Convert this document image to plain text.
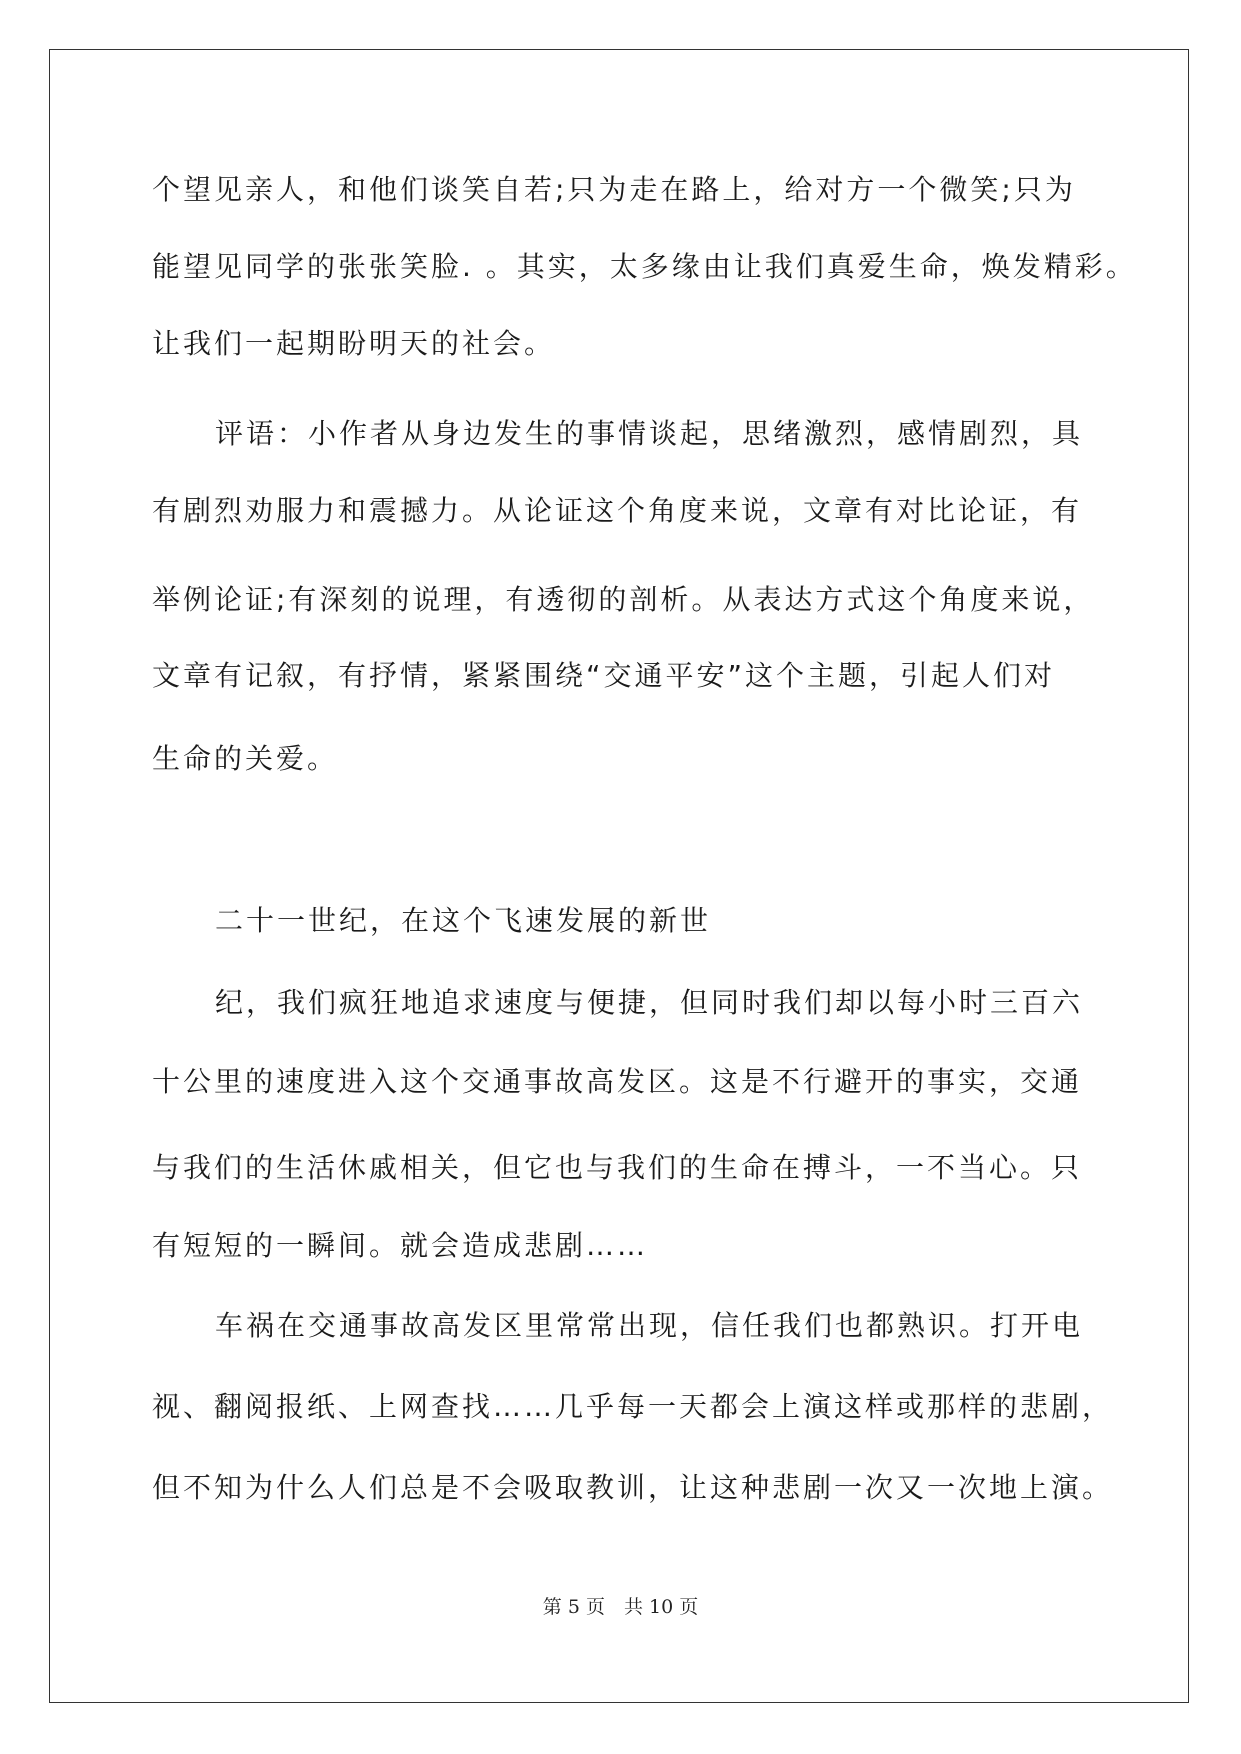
个望见亲人，和他们谈笑自若;只为走在路上，给对方一个微笑;只为
能望见同学的张张笑脸. 。其实，太多缘由让我们真爱生命，焕发精彩。
让我们一起期盼明天的社会。
评语：小作者从身边发生的事情谈起，思绪激烈，感情剧烈，具
有剧烈劝服力和震撼力。从论证这个角度来说，文章有对比论证，有
举例论证;有深刻的说理，有透彻的剖析。从表达方式这个角度来说，
文章有记叙，有抒情，紧紧围绕“交通平安”这个主题，引起人们对
生命的关爱。
二十一世纪，在这个飞速发展的新世
纪，我们疯狂地追求速度与便捷，但同时我们却以每小时三百六
十公里的速度进入这个交通事故高发区。这是不行避开的事实，交通
与我们的生活休戚相关，但它也与我们的生命在搏斗，一不当心。只
有短短的一瞬间。就会造成悲剧……
车祸在交通事故高发区里常常出现，信任我们也都熟识。打开电
视、翻阅报纸、上网查找……几乎每一天都会上演这样或那样的悲剧，
但不知为什么人们总是不会吸取教训，让这种悲剧一次又一次地上演。
第 5 页　共 10 页
